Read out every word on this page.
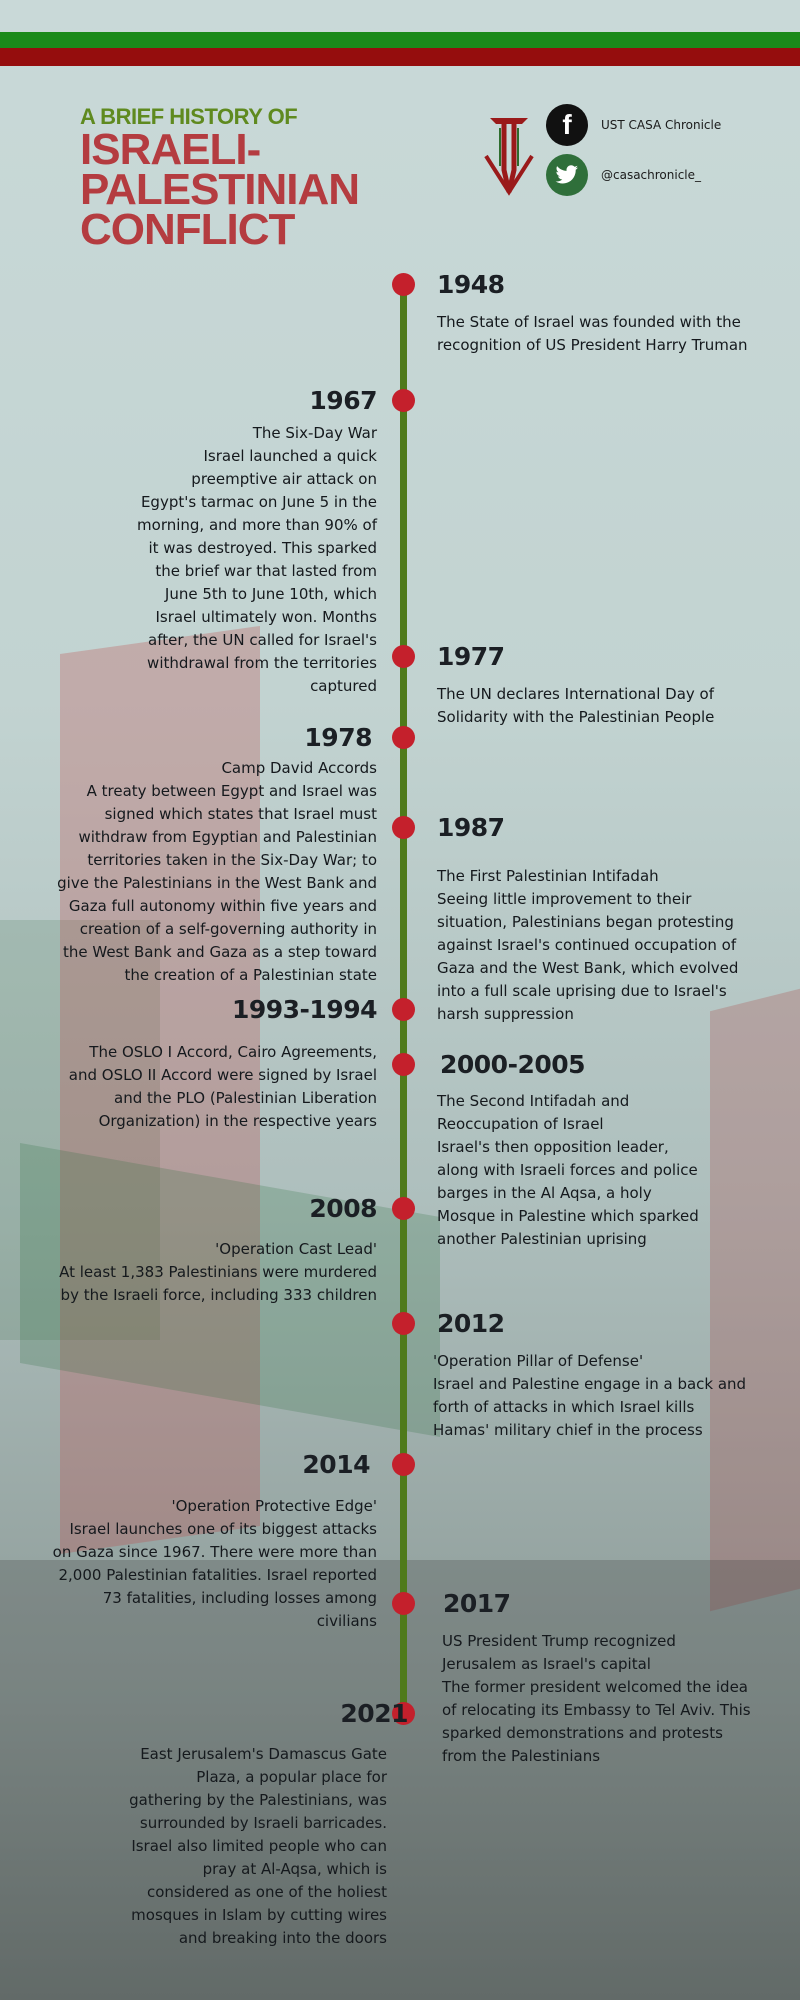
A BRIEF HISTORY OF
ISRAELI-
PALESTINIAN
CONFLICT
f	UST CASA Chronicle
@casachronicle_
1948
The State of Israel was founded with the
recognition of US President Harry Truman
1967
The Six-Day War
Israel launched a quick
preemptive air attack on
Egypt's tarmac on June 5 in the
morning, and more than 90% of
it was destroyed. This sparked
the brief war that lasted from
June 5th to June 10th, which
Israel ultimately won. Months
after, the UN called for Israel's
withdrawal from the territories
captured
1977
The UN declares International Day of
Solidarity with the Palestinian People
1978
Camp David Accords
A treaty between Egypt and Israel was
signed which states that Israel must
withdraw from Egyptian and Palestinian
territories taken in the Six-Day War; to
give the Palestinians in the West Bank and
Gaza full autonomy within five years and
creation of a self-governing authority in
the West Bank and Gaza as a step toward
the creation of a Palestinian state
1987
The First Palestinian Intifadah
Seeing little improvement to their
situation, Palestinians began protesting
against Israel's continued occupation of
Gaza and the West Bank, which evolved
into a full scale uprising due to Israel's
harsh suppression
1993-1994
The OSLO I Accord, Cairo Agreements,
and OSLO II Accord were signed by Israel
and the PLO (Palestinian Liberation
Organization) in the respective years
2000-2005
The Second Intifadah and
Reoccupation of Israel
Israel's then opposition leader,
along with Israeli forces and police
barges in the Al Aqsa, a holy
Mosque in Palestine which sparked
another Palestinian uprising
2008
'Operation Cast Lead'
At least 1,383 Palestinians were murdered
by the Israeli force, including 333 children
2012
'Operation Pillar of Defense'
Israel and Palestine engage in a back and
forth of attacks in which Israel kills
Hamas' military chief in the process
2014
'Operation Protective Edge'
Israel launches one of its biggest attacks
on Gaza since 1967. There were more than
2,000 Palestinian fatalities. Israel reported
73 fatalities, including losses among
civilians
2017
US President Trump recognized
Jerusalem as Israel's capital
The former president welcomed the idea
of relocating its Embassy to Tel Aviv. This
sparked demonstrations and protests
from the Palestinians
2021
East Jerusalem's Damascus Gate
Plaza, a popular place for
gathering by the Palestinians, was
surrounded by Israeli barricades.
Israel also limited people who can
pray at Al-Aqsa, which is
considered as one of the holiest
mosques in Islam by cutting wires
and breaking into the doors
